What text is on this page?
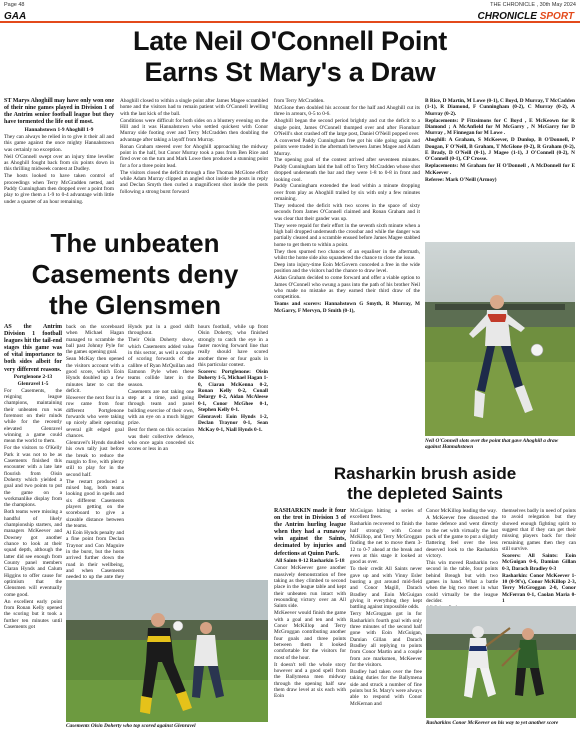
Page 48	THE CHRONICLE , 30th May 2024
GAA	CHRONICLE SPORT
Late Neil O'Connell Point
Earns St Mary's a Draw

ST Marys Ahoghill may have only won one of their nine games played in Division 1 of the Antrim senior football league but they have tormented the life out if most.

Hannahstown 1-9 Ahoghill 1-9

They can always be relied in to give it their all and this game against the once mighty Hannahstown was certainly no exception.

Neil O'Connell swept over an injury time leveller as Ahoghill fought back from six points down in this thrilling midweek contest at Dudley.

The hosts looked to have taken control of proceedings when Terry McGradden netted, and Paddy Cunningham then dropped over a point from play to give them a 1-9 to 0-4 advantage with little under a quarter of an hour remaining.

Ahoghill closed to within a single point after James Magee scrambled home and the visitors had to remain patient with O'Connell levelling with the last kick of the ball.

Conditions were difficult for both sides on a blustery evening on the Hill and it was Hannahstown who settled quickest with Conor Murray side footing over and Terry McCradden then doubling the advantage after taking a layoff from Murray.

Ronan Graham steered over for Ahoghill approaching the midway point in the half, but Conor Murray took a pass from Ben Rice and fired over on the turn and Mark Lowe then produced a stunning point for a for a three point lead.

The visitors closed the deficit through a fine Thomas McGlone effort while Adam Murray clipped an angled shot inside the posts in reply and Declan Smyth then curled a magnificent shot inside the posts following a strong burst forward

from Terry McCradden.

McGlone then doubled his account for the half and Ahoghill cut its three in arrears, 0-5 to 0-6.

Ahoghill began the second period brightly and cut the deficit to a single point, James O'Connell thumped over and after Fionnbarr O'Neill's shot crashed off the large post, Daniel O'Neill popped over.

A converted Paddy Cunningham free got his side going again and points were traded in the aftermath between James Magee and Adam Murray.

The opening goal of the contest arrived after seventeen minutes. Paddy Cunningham laid the ball off to Terry McCradden whose shot dropped underneath the bar and they were 1-8 to 0-8 in front and looking cool.

Paddy Cunningham extended the lead within a minute dropping over from play as Ahoghill trailed by six with only a few minutes remaining.

They reduced the deficit with two scores in the space of sixty seconds from James O'Connell claimed and Ronan Graham and it was clear that their gander was up.

They were repaid for their effort in the seventh sixth minute when a high ball dropped underneath the crossbar and while the danger was partially cleared and a scramble ensued before James Magee stabbed home to get them to within a point.

They then spurned two chances of an equaliser in the aftermath, whilst the home side also squandered the chance to close the issue.

Deep into injury-time Eoin McGovern conceded a free in the wide position and the visitors had the chance to draw level.

Aidan Graham decided to come forward and offer a viable option to James O'Connell who swung a pass into the path of his brother Neil who made no mistake as they earned their third draw of the competition.

Teams and scorers: Hannahstown G Smyth, R Murray, M McGarry, F Mervyn, D Smith (0-1),

B Rice, D Martin, M Lowe (0-1), C Boyd, D Murray, T McCadden (1-1), R Diamond, F Cunningham (0-2), C Murray (0-2), A Murray (0-2).

Replacements: P Fitzsimons for C Boyd , E McKeown for R Diamond ; A McAnfield for M McGarry , N McGarry for D Murray , M Finnegan for M Lowe .

Ahoghill: A Graham, S McKeever, D Dunlop, B O'Donnell, P Dougan, F O'Neill, B Graham, T McGlone (0-2), R Graham (0-2), E Brady, D O'Neill (0-1), J Magee (1-1), J O'Connell (0-2), N O'Connell (0-1), CP Crosse.

Replacements: M Graham for H O'Donnell , A McDonnell for E McKeever .

Referee: Mark O'Neill (Armoy)

Neil O'Connell slots over the point that gave Ahoghill a draw against Hannahstown
The unbeaten
Casements deny
the Glensmen

AS the Antrim Division 1 football leagues hit the tail-end stages this game was of vital importance to both sides albeit for very different reasons.

Portglenone 2-13 Glenravel 1-5

For Casements, the reigning league champions, maintaining their unbeaten run was foremost on their minds while for the recently elevated Glenravel winning a game could mean the world to them.

For the visitors to O'Kelly Park it was not to be as Casements finished this encounter with a late late flourish from Oisin Doherty which yielded a goal and two points to put the game on a workmanlike display from the champions.

Both teams were missing a handful of likely championship starters, and managers McKeever and Downey got another chance to look at their squad depth, although the latter did see enough from County panel members Ciaran Hynds and Calum Higgins to offer cause for optimism that the Glensmen will eventually come good.

An excellent early point from Ronan Kelly opened the scoring but it took a further ten minutes until Casements got

back on the scoreboard when Michael Hagan managed to scramble the ball past Johnny Pyle for the games opening goal.

Sean McKay then opened the visitors account with a good score, which Eoin Hynds doubled up a few minutes later to cut the deficit.

However the next four in a row came from four different Portglenone forwards who were taking up nicely albeit operating several gilt edged goal chances.

Glenravel's Hynds doubled his own tally just before the break to reduce the margin to five, with plenty still to play for in the second half.

The restart produced a mixed bag, both teams looking good in spells and six different Casements players getting on the scoreboard to give a sizeable distance between the teams.

Al Eoin Hynds penalty and a fine point from Declan Traynor and Con Maguire in the burst, but the hosts arrived further down the road in their wellbeing, and when Casements needed to up the ante they

Hynds put in a good shift throughout.

Their Oisin Doherty show, which Casements added value in this sector, as well a couple of scoring forwards of the calibre of Ryan McQuillan and Eamonn Pyle when these teams collide later in the season.

Casements are not taking one step at a time, and going through team and panel building exercise of their own, with an eye on a much bigger prize.

Best for them on this occasion was their collective defence, who once again conceded six scores or less in an

hours football, while up front Oisin Doherty, who finished strongly to catch the eye in a faster moving forward line that really should have scored another three or four goals in this particular contest.

Scorers: Portglenone: Oisin Doherty 1-5, Michael Hagan 1-0, Ciaran McKenna 0-2, Ronan Kelly 0-2, Conall Delargy 0-2, Aidan McAleese 0-1, Conor McGhee 0-1, Stephen Kelly 0-1.

Glenravel: Eoin Hynds 1-2, Declan Traynor 0-1, Sean McKay 0-1, Niall Hynds 0-1.

Casements Oisin Doherty who top scored against Glenravel
Rasharkin brush aside
the depleted Saints

RASHARKIN made it four on the trot in Division 3 of the Antrim hurling league when they had a runaway win against the Saints, decimated by injuries and defections at Quinn Park.

All Saints 0-12 Rasharkin 5-18

Conor McKeever gave another massively demonstration of free taking as they climbed to second place in the league table and kept their unbeaten run intact with resounding victory over an All Saints side.

McKeever would finish the game with a goal and ten and with Conor McKillop and Terry McGroggan contributing another four goals and three points between them it looked comfortable for the visitors for most of the hour.

It doesn't tell the whole story however and a good spell from the Ballymena men midway through the opening half saw them draw level at six each with Eoin

McGuigan hitting a series of excellent frees.

Rasharkin recovered to finish the half strongly with Conor McKillop, and Terry McGroggan finding the net to move them 3-12 to 0-7 ahead at the break and even at this stage it looked at good as over.

To their credit All Saints never gave up and with Vinny Esler busting a gut around mid-field and Conor Magill, Darach Bradley and Eoin McGuigan giving it everything they kept battling against impossible odds.

Terry McGroggan got in for Rasharkin's fourth goal with only three minutes of the second half gone with Eoin McGuigan, Damian Gillan and Darach Bradley all replying to points from Conor Martin and a couple from ace marksmen, McKeever for the visitors.

Bradley had taken over the free taking duties for the Ballymena side and struck a number of fine points but St. Mary's were always able to respond with Conor McKernan and

Conor McKillop leading the way.

A McKeever free dissected the home defence and went directly to the net with virtually the last puck of the game to put a slightly flattering feel over the less deserved look to the Rasharkin victory.

This win moved Rasharkin two second in the table, four points behind Breagh but with two games in hand. What a battle when the big two meet in what could virtually be the league decider.

themselves badly in need of points to avoid relegation but they showed enough fighting spirit to suggest that if they can get their missing players back for their remaining games then they can still survive.

Scorers: All Saints: Eoin McGuigan 0-6, Damian Gillan 0-3, Darach Bradley 0-3

Rasharkin: Conor McKeever 1-10 (0-9f's), Conor McKillop 2-3, Terry McGroggan 2-0, Conor McFerran 0-1, Caolan Maria 0-1

Rasharkins Conor McKeever on his way to yet another score
